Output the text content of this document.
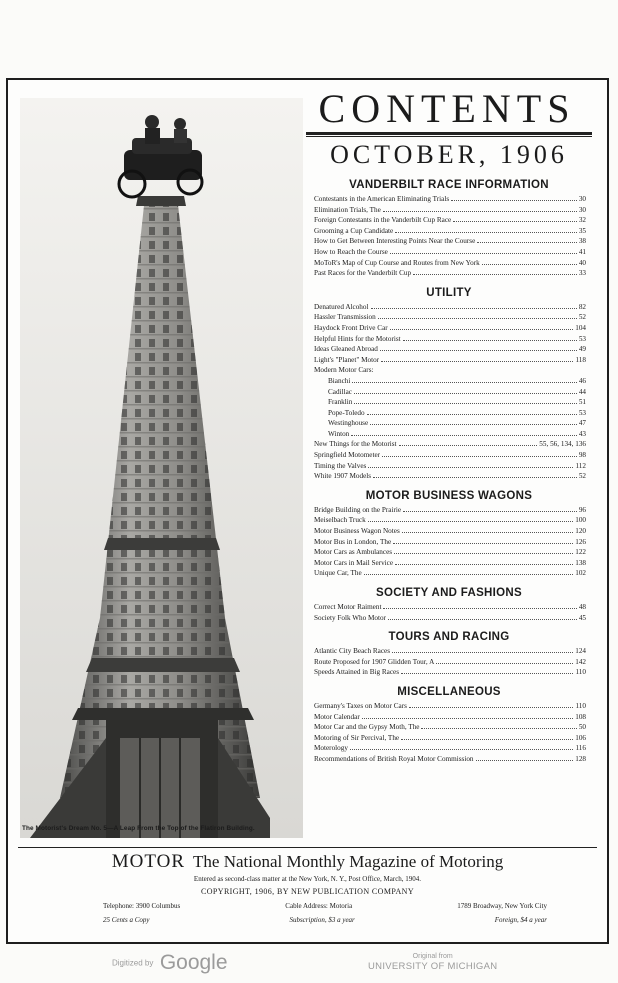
The Motorist's Dream No. 5—A Leap From the Top of the Flatiron Building.
CONTENTS
OCTOBER, 1906
VANDERBILT RACE INFORMATION
Contestants in the American Eliminating Trials	30
Elimination Trials, The	30
Foreign Contestants in the Vanderbilt Cup Race	32
Grooming a Cup Candidate	35
How to Get Between Interesting Points Near the Course	38
How to Reach the Course	41
MoToR's Map of Cup Course and Routes from New York	40
Past Races for the Vanderbilt Cup	33
UTILITY
Denatured Alcohol	82
Hassler Transmission	52
Haydock Front Drive Car	104
Helpful Hints for the Motorist	53
Ideas Gleaned Abroad	49
Light's "Planet" Motor	118
Modern Motor Cars:
Bianchi	46
Cadillac	44
Franklin	51
Pope-Toledo	53
Westinghouse	47
Winton	43
New Things for the Motorist	55, 56, 134, 136
Springfield Motometer	98
Timing the Valves	112
White 1907 Models	52
MOTOR BUSINESS WAGONS
Bridge Building on the Prairie	96
Meiselbach Truck	100
Motor Business Wagon Notes	120
Motor Bus in London, The	126
Motor Cars as Ambulances	122
Motor Cars in Mail Service	138
Unique Car, The	102
SOCIETY AND FASHIONS
Correct Motor Raiment	48
Society Folk Who Motor	45
TOURS AND RACING
Atlantic City Beach Races	124
Route Proposed for 1907 Glidden Tour, A	142
Speeds Attained in Big Races	110
MISCELLANEOUS
Germany's Taxes on Motor Cars	110
Motor Calendar	108
Motor Car and the Gypsy Moth, The	50
Motoring of Sir Percival, The	106
Moterology	116
Recommendations of British Royal Motor Commission	128
MOTOR The National Monthly Magazine of Motoring
Entered as second-class matter at the New York, N. Y., Post Office, March, 1904.
COPYRIGHT, 1906, BY NEW PUBLICATION COMPANY
Telephone: 3900 Columbus	Cable Address: Motoria	1789 Broadway, New York City
25 Cents a Copy	Subscription, $3 a year	Foreign, $4 a year
Digitized by Google	Original from
UNIVERSITY OF MICHIGAN
